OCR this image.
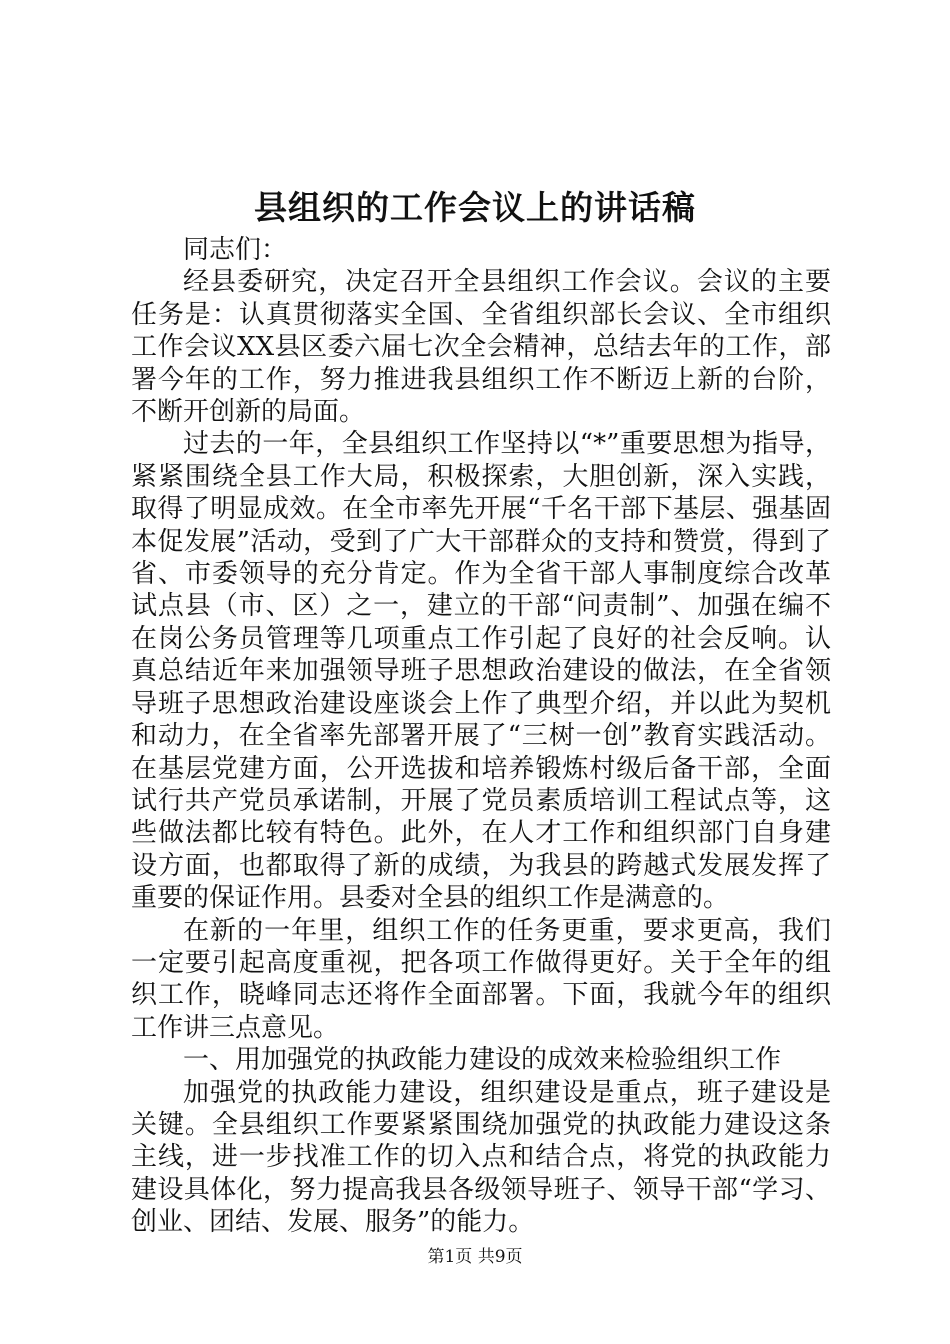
县组织的工作会议上的讲话稿

同志们：

经县委研究，决定召开全县组织工作会议。会议的主要任务是：认真贯彻落实全国、全省组织部长会议、全市组织工作会议XX县区委六届七次全会精神，总结去年的工作，部署今年的工作，努力推进我县组织工作不断迈上新的台阶，不断开创新的局面。

过去的一年，全县组织工作坚持以“*”重要思想为指导，紧紧围绕全县工作大局，积极探索，大胆创新，深入实践，取得了明显成效。在全市率先开展“千名干部下基层、强基固本促发展”活动，受到了广大干部群众的支持和赞赏，得到了省、市委领导的充分肯定。作为全省干部人事制度综合改革试点县（市、区）之一，建立的干部“问责制”、加强在编不在岗公务员管理等几项重点工作引起了良好的社会反响。认真总结近年来加强领导班子思想政治建设的做法，在全省领导班子思想政治建设座谈会上作了典型介绍，并以此为契机和动力，在全省率先部署开展了“三树一创”教育实践活动。在基层党建方面，公开选拔和培养锻炼村级后备干部，全面试行共产党员承诺制，开展了党员素质培训工程试点等，这些做法都比较有特色。此外，在人才工作和组织部门自身建设方面，也都取得了新的成绩，为我县的跨越式发展发挥了重要的保证作用。县委对全县的组织工作是满意的。

在新的一年里，组织工作的任务更重，要求更高，我们一定要引起高度重视，把各项工作做得更好。关于全年的组织工作，晓峰同志还将作全面部署。下面，我就今年的组织工作讲三点意见。

一、用加强党的执政能力建设的成效来检验组织工作

加强党的执政能力建设，组织建设是重点，班子建设是关键。全县组织工作要紧紧围绕加强党的执政能力建设这条主线，进一步找准工作的切入点和结合点，将党的执政能力建设具体化，努力提高我县各级领导班子、领导干部“学习、创业、团结、发展、服务”的能力。

第1页 共9页
